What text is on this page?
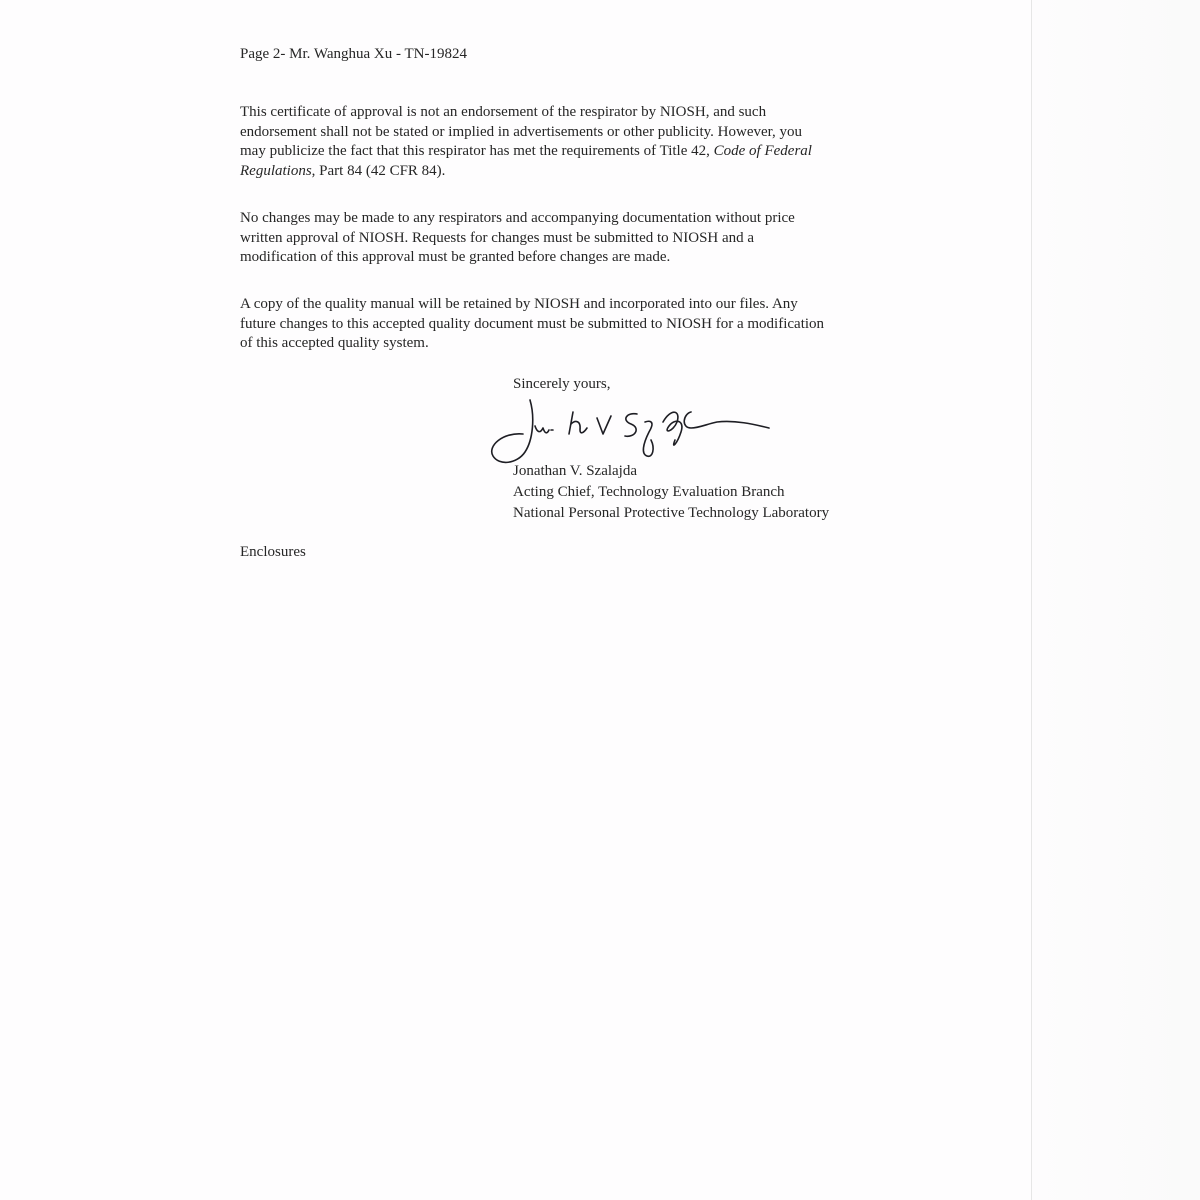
Page 2- Mr. Wanghua Xu - TN-19824
This certificate of approval is not an endorsement of the respirator by NIOSH, and such
endorsement shall not be stated or implied in advertisements or other publicity. However, you
may publicize the fact that this respirator has met the requirements of Title 42, Code of Federal
Regulations, Part 84 (42 CFR 84).
No changes may be made to any respirators and accompanying documentation without price
written approval of NIOSH. Requests for changes must be submitted to NIOSH and a
modification of this approval must be granted before changes are made.
A copy of the quality manual will be retained by NIOSH and incorporated into our files. Any
future changes to this accepted quality document must be submitted to NIOSH for a modification
of this accepted quality system.
Sincerely yours,
Jonathan V. Szalajda
Acting Chief, Technology Evaluation Branch
National Personal Protective Technology Laboratory
Enclosures
